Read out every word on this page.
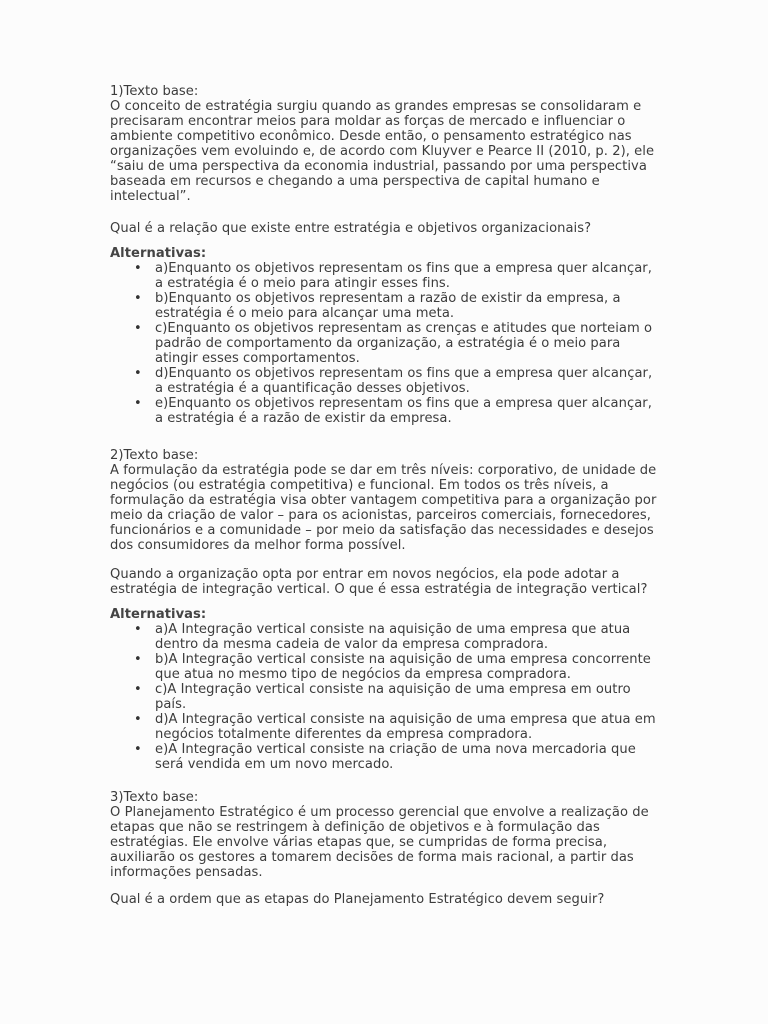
1)Texto base:

O conceito de estratégia surgiu quando as grandes empresas se consolidaram e
precisaram encontrar meios para moldar as forças de mercado e influenciar o
ambiente competitivo econômico. Desde então, o pensamento estratégico nas
organizações vem evoluindo e, de acordo com Kluyver e Pearce II (2010, p. 2), ele
“saiu de uma perspectiva da economia industrial, passando por uma perspectiva
baseada em recursos e chegando a uma perspectiva de capital humano e
intelectual”.

Qual é a relação que existe entre estratégia e objetivos organizacionais?

Alternativas:

• a)Enquanto os objetivos representam os fins que a empresa quer alcançar,
a estratégia é o meio para atingir esses fins.
• b)Enquanto os objetivos representam a razão de existir da empresa, a
estratégia é o meio para alcançar uma meta.
• c)Enquanto os objetivos representam as crenças e atitudes que norteiam o
padrão de comportamento da organização, a estratégia é o meio para
atingir esses comportamentos.
• d)Enquanto os objetivos representam os fins que a empresa quer alcançar,
a estratégia é a quantificação desses objetivos.
• e)Enquanto os objetivos representam os fins que a empresa quer alcançar,
a estratégia é a razão de existir da empresa.

2)Texto base:

A formulação da estratégia pode se dar em três níveis: corporativo, de unidade de
negócios (ou estratégia competitiva) e funcional. Em todos os três níveis, a
formulação da estratégia visa obter vantagem competitiva para a organização por
meio da criação de valor – para os acionistas, parceiros comerciais, fornecedores,
funcionários e a comunidade – por meio da satisfação das necessidades e desejos
dos consumidores da melhor forma possível.

Quando a organização opta por entrar em novos negócios, ela pode adotar a
estratégia de integração vertical. O que é essa estratégia de integração vertical?

Alternativas:

• a)A Integração vertical consiste na aquisição de uma empresa que atua
dentro da mesma cadeia de valor da empresa compradora.
• b)A Integração vertical consiste na aquisição de uma empresa concorrente
que atua no mesmo tipo de negócios da empresa compradora.
• c)A Integração vertical consiste na aquisição de uma empresa em outro
país.
• d)A Integração vertical consiste na aquisição de uma empresa que atua em
negócios totalmente diferentes da empresa compradora.
• e)A Integração vertical consiste na criação de uma nova mercadoria que
será vendida em um novo mercado.

3)Texto base:

O Planejamento Estratégico é um processo gerencial que envolve a realização de
etapas que não se restringem à definição de objetivos e à formulação das
estratégias. Ele envolve várias etapas que, se cumpridas de forma precisa,
auxiliarão os gestores a tomarem decisões de forma mais racional, a partir das
informações pensadas.

Qual é a ordem que as etapas do Planejamento Estratégico devem seguir?
